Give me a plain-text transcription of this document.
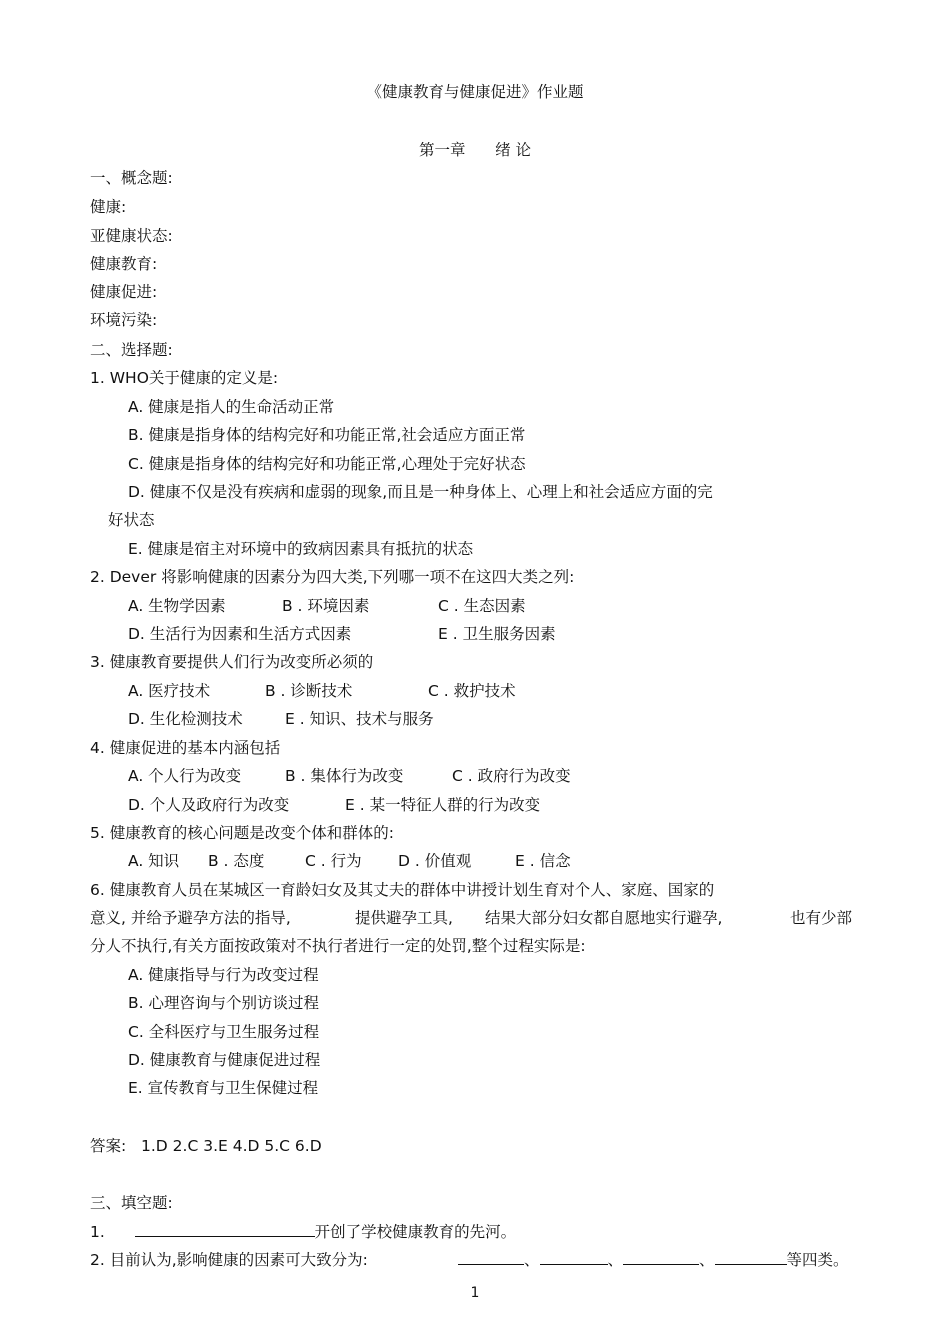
《健康教育与健康促进》作业题
第一章 绪 论
一、概念题:
健康:
亚健康状态:
健康教育:
健康促进:
环境污染:
二、选择题:
1. WHO关于健康的定义是:
A. 健康是指人的生命活动正常
B. 健康是指身体的结构完好和功能正常,社会适应方面正常
C. 健康是指身体的结构完好和功能正常,心理处于完好状态
D. 健康不仅是没有疾病和虚弱的现象,而且是一种身体上、心理上和社会适应方面的完
好状态
E. 健康是宿主对环境中的致病因素具有抵抗的状态
2. Dever 将影响健康的因素分为四大类,下列哪一项不在这四大类之列:
A. 生物学因素	B . 环境因素	C . 生态因素
D. 生活行为因素和生活方式因素	E . 卫生服务因素
3. 健康教育要提供人们行为改变所必须的
A. 医疗技术	B . 诊断技术	C . 救护技术
D. 生化检测技术	E . 知识、技术与服务
4. 健康促进的基本内涵包括
A. 个人行为改变	B . 集体行为改变	C . 政府行为改变
D. 个人及政府行为改变	E . 某一特征人群的行为改变
5. 健康教育的核心问题是改变个体和群体的:
A. 知识 B . 态度	C . 行为 D . 价值观	E . 信念
6. 健康教育人员在某城区一育龄妇女及其丈夫的群体中讲授计划生育对个人、家庭、国家的
意义, 并给予避孕方法的指导,	提供避孕工具, 结果大部分妇女都自愿地实行避孕,	也有少部
分人不执行,有关方面按政策对不执行者进行一定的处罚,整个过程实际是:
A. 健康指导与行为改变过程
B. 心理咨询与个别访谈过程
C. 全科医疗与卫生服务过程
D. 健康教育与健康促进过程
E. 宣传教育与卫生保健过程
答案: 1.D 2.C 3.E 4.D 5.C 6.D
三、填空题:
1.	开创了学校健康教育的先河。
2. 目前认为,影响健康的因素可大致分为:	、	、	、	等四类。
1
